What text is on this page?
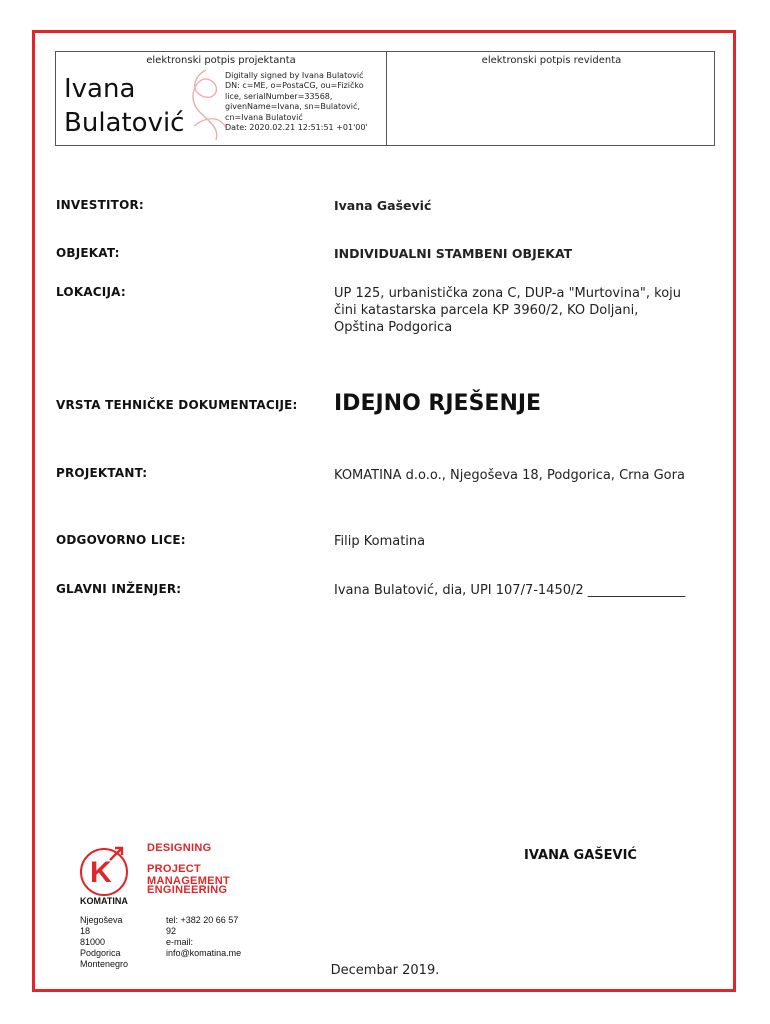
elektronski potpis projektanta	elektronski potpis revidenta
Ivana
Bulatović
Digitally signed by Ivana Bulatović
DN: c=ME, o=PostaCG, ou=Fizičko
lice, serialNumber=33568,
givenName=Ivana, sn=Bulatović,
cn=Ivana Bulatović
Date: 2020.02.21 12:51:51 +01'00'
INVESTITOR:	Ivana Gašević
OBJEKAT:	INDIVIDUALNI STAMBENI OBJEKAT
LOKACIJA:	UP 125, urbanistička zona C, DUP-a "Murtovina", koju
čini katastarska parcela KP 3960/2, KO Doljani,
Opština Podgorica
VRSTA TEHNIČKE DOKUMENTACIJE: IDEJNO RJEŠENJE
PROJEKTANT:	KOMATINA d.o.o., Njegoševa 18, Podgorica, Crna Gora
ODGOVORNO LICE:	Filip Komatina
GLAVNI INŽENJER:	Ivana Bulatović, dia, UPI 107/7-1450/2 _______________
K
KOMATINA
DESIGNING
PROJECT MANAGEMENT
ENGINEERING
Njegoševa 18
81000 Podgorica
Montenegro
tel: +382 20 66 57 92
e-mail: info@komatina.me
IVANA GAŠEVIĆ
Decembar 2019.
